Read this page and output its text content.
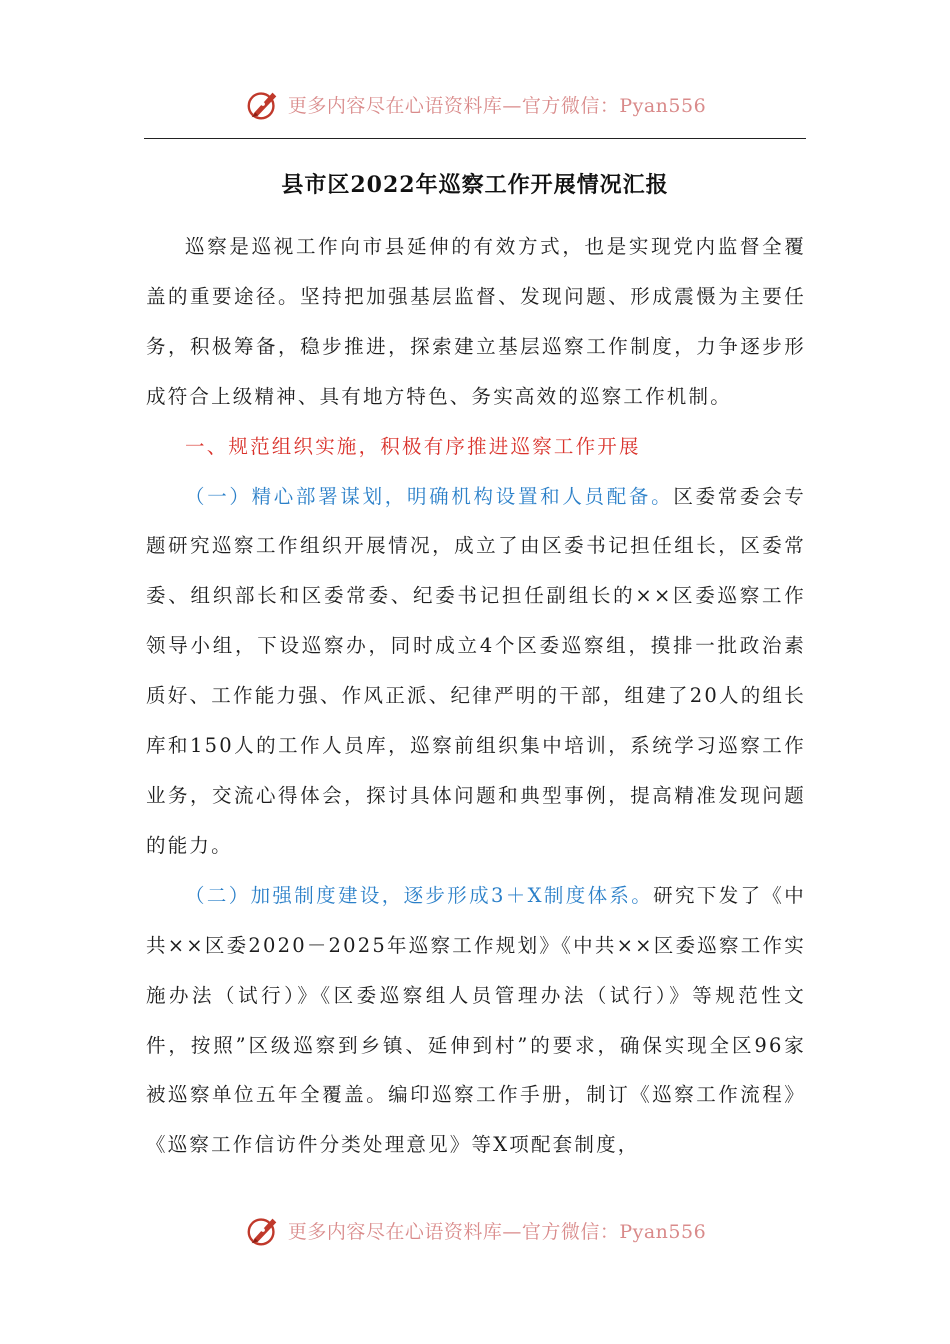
更多内容尽在心语资料库—官方微信：Pyan556
县市区2022年巡察工作开展情况汇报

巡察是巡视工作向市县延伸的有效方式，也是实现党内监督全覆盖的重要途径。坚持把加强基层监督、发现问题、形成震慑为主要任务，积极筹备，稳步推进，探索建立基层巡察工作制度，力争逐步形成符合上级精神、具有地方特色、务实高效的巡察工作机制。

一、规范组织实施，积极有序推进巡察工作开展

（一）精心部署谋划，明确机构设置和人员配备。区委常委会专题研究巡察工作组织开展情况，成立了由区委书记担任组长，区委常委、组织部长和区委常委、纪委书记担任副组长的××区委巡察工作领导小组，下设巡察办，同时成立4个区委巡察组，摸排一批政治素质好、工作能力强、作风正派、纪律严明的干部，组建了20人的组长库和150人的工作人员库，巡察前组织集中培训，系统学习巡察工作业务，交流心得体会，探讨具体问题和典型事例，提高精准发现问题的能力。

（二）加强制度建设，逐步形成3＋X制度体系。研究下发了《中共××区委2020－2025年巡察工作规划》《中共××区委巡察工作实施办法（试行）》《区委巡察组人员管理办法（试行）》等规范性文件，按照”区级巡察到乡镇、延伸到村”的要求，确保实现全区96家被巡察单位五年全覆盖。编印巡察工作手册，制订《巡察工作流程》《巡察工作信访件分类处理意见》等X项配套制度，

更多内容尽在心语资料库—官方微信：Pyan556
